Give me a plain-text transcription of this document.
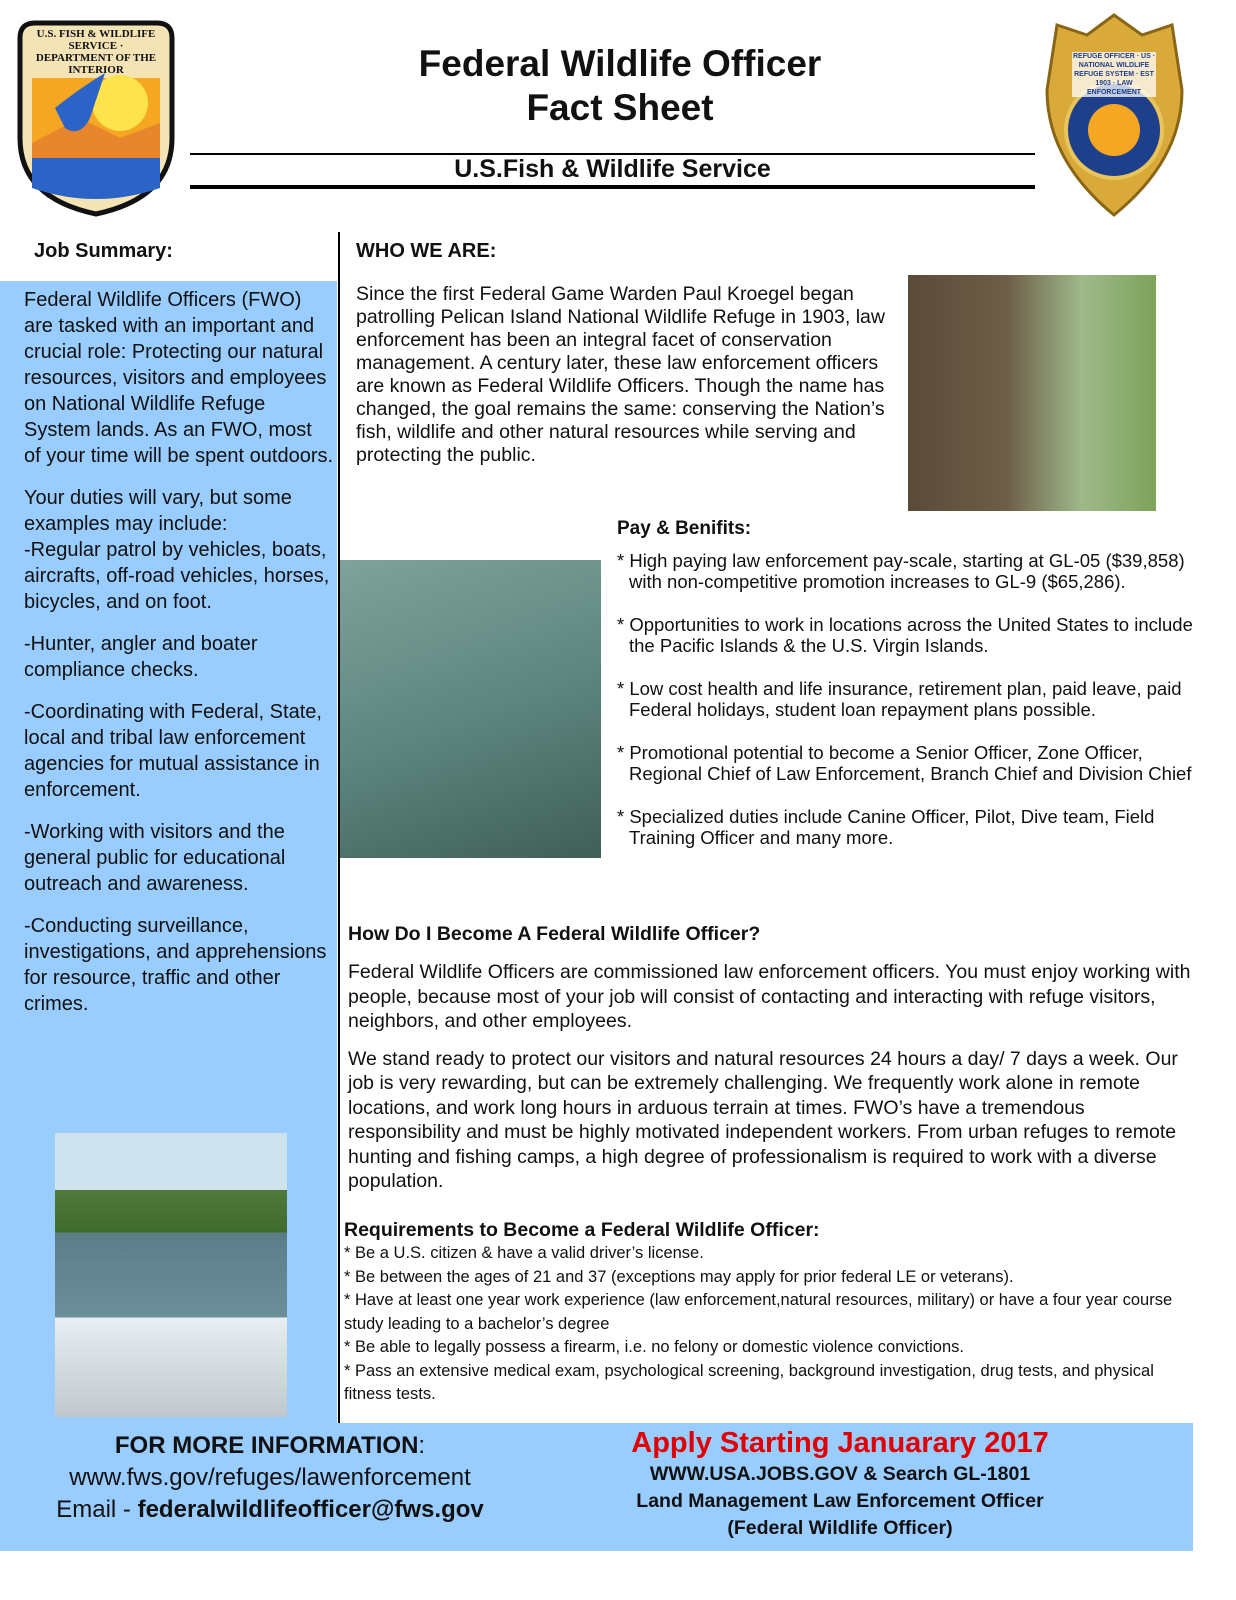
U.S. FISH & WILDLIFE SERVICE · DEPARTMENT OF THE INTERIOR
REFUGE OFFICER · US · NATIONAL WILDLIFE REFUGE SYSTEM · EST 1903 · LAW ENFORCEMENT
Federal Wildlife Officer
Fact Sheet
U.S.Fish & Wildlife Service
Job Summary:

Federal Wildlife Officers (FWO) are tasked with an important and crucial role: Protecting our natural resources, visitors and employees on National Wildlife Refuge System lands. As an FWO, most of your time will be spent outdoors.

Your duties will vary, but some examples may include:

-Regular patrol by vehicles, boats, aircrafts, off-road vehicles, horses, bicycles, and on foot.

-Hunter, angler and boater compliance checks.

-Coordinating with Federal, State, local and tribal law enforcement agencies for mutual assistance in enforcement.

-Working with visitors and the general public for educational outreach and awareness.

-Conducting surveillance, investigations, and apprehensions for resource, traffic and other crimes.

WHO WE ARE:
Since the first Federal Game Warden Paul Kroegel began patrolling Pelican Island National Wildlife Refuge in 1903, law enforcement has been an integral facet of conservation management. A century later, these law enforcement officers are known as Federal Wildlife Officers. Though the name has changed, the goal remains the same: conserving the Nation’s fish, wildlife and other natural resources while serving and protecting the public.
Pay & Benifits:
* High paying law enforcement pay-scale, starting at GL-05 ($39,858) with non-competitive promotion increases to GL-9 ($65,286).
* Opportunities to work in locations across the United States to include the Pacific Islands & the U.S. Virgin Islands.
* Low cost health and life insurance, retirement plan, paid leave, paid Federal holidays, student loan repayment plans possible.
* Promotional potential to become a Senior Officer, Zone Officer, Regional Chief of Law Enforcement, Branch Chief and Division Chief
* Specialized duties include Canine Officer, Pilot, Dive team, Field Training Officer and many more.
How Do I Become A Federal Wildlife Officer?

Federal Wildlife Officers are commissioned law enforcement officers. You must enjoy working with people, because most of your job will consist of contacting and interacting with refuge visitors, neighbors, and other employees.

We stand ready to protect our visitors and natural resources 24 hours a day/ 7 days a week. Our job is very rewarding, but can be extremely challenging. We frequently work alone in remote locations, and work long hours in arduous terrain at times. FWO’s have a tremendous responsibility and must be highly motivated independent workers. From urban refuges to remote hunting and fishing camps, a high degree of professionalism is required to work with a diverse population.

Requirements to Become a Federal Wildlife Officer:
* Be a U.S. citizen & have a valid driver’s license.
* Be between the ages of 21 and 37 (exceptions may apply for prior federal LE or veterans).
* Have at least one year work experience (law enforcement,natural resources, military) or have a four year course study leading to a bachelor’s degree
* Be able to legally possess a firearm, i.e. no felony or domestic violence convictions.
* Pass an extensive medical exam, psychological screening, background investigation, drug tests, and physical fitness tests.
FOR MORE INFORMATION:
www.fws.gov/refuges/lawenforcement
Email - federalwildlifeofficer@fws.gov
Apply Starting Januarary 2017
WWW.USA.JOBS.GOV & Search GL-1801
Land Management Law Enforcement Officer
(Federal Wildlife Officer)
